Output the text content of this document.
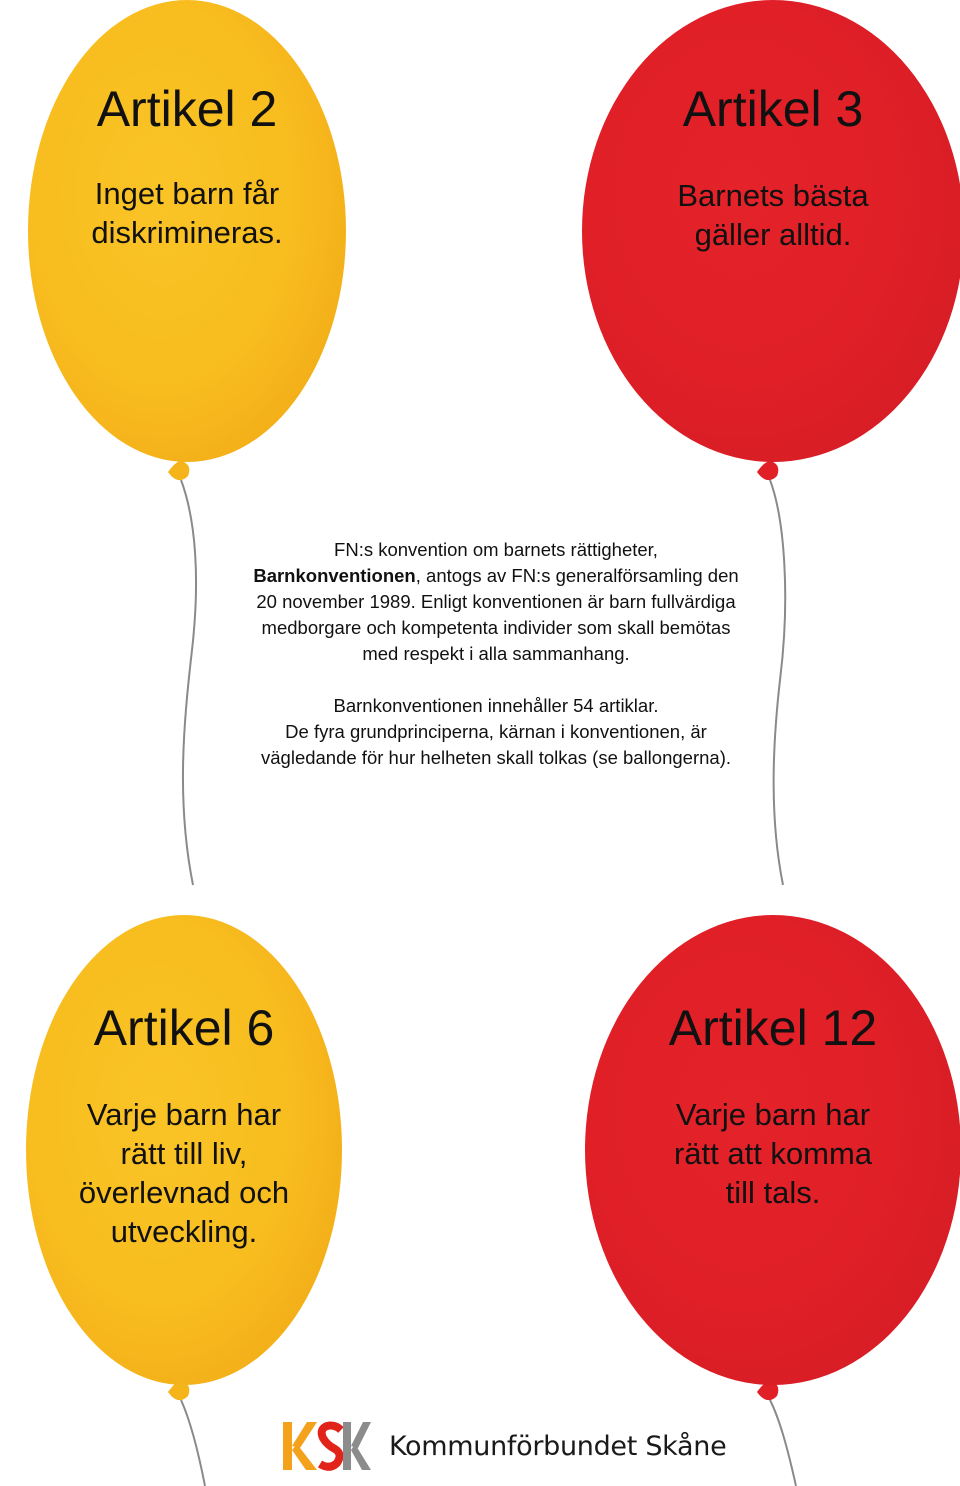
Artikel 2
Inget barn får
diskrimineras.
Artikel 3
Barnets bästa
gäller alltid.

FN:s konvention om barnets rättigheter,

Barnkonventionen, antogs av FN:s generalförsamling den

20 november 1989. Enligt konventionen är barn fullvärdiga

medborgare och kompetenta individer som skall bemötas

med respekt i alla sammanhang.

Barnkonventionen innehåller 54 artiklar.

De fyra grundprinciperna, kärnan i konventionen, är

vägledande för hur helheten skall tolkas (se ballongerna).

Artikel 6
Varje barn har
rätt till liv,
överlevnad och
utveckling.
Artikel 12
Varje barn har
rätt att komma
till tals.
Kommunförbundet Skåne
